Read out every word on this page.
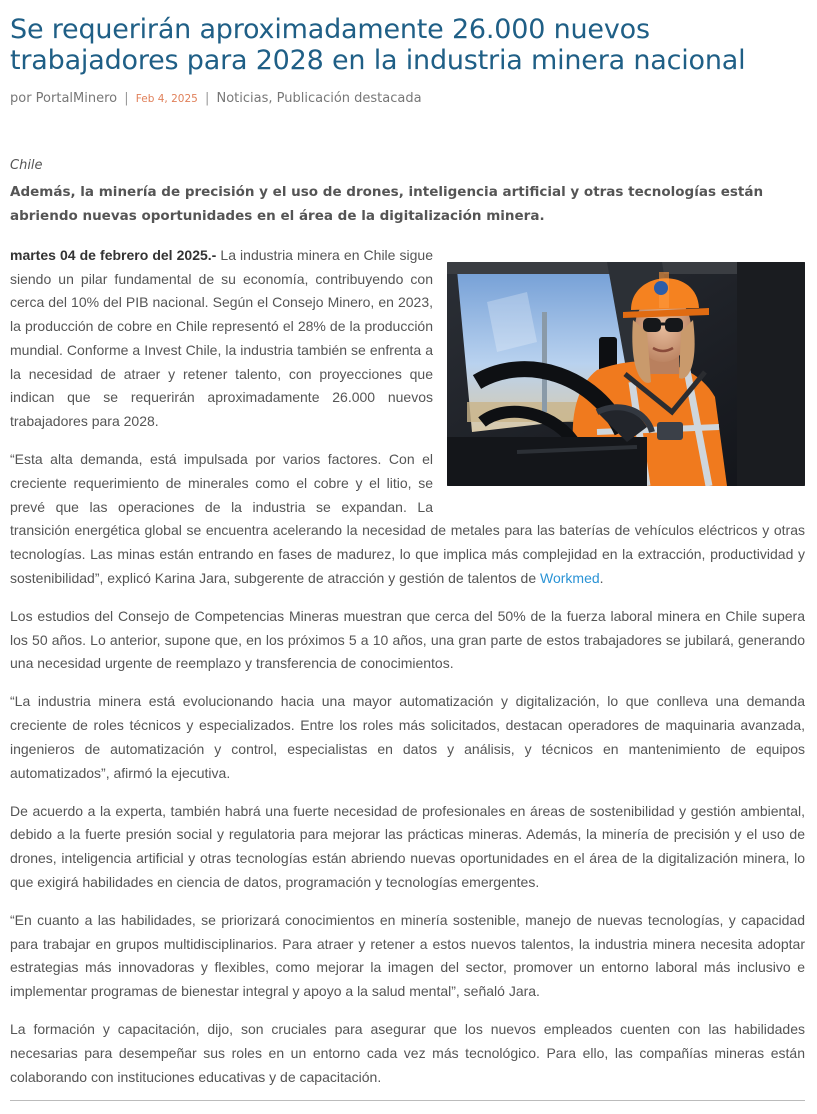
Se requerirán aproximadamente 26.000 nuevos trabajadores para 2028 en la industria minera nacional
por PortalMinero | Feb 4, 2025 | Noticias, Publicación destacada
Chile
Además, la minería de precisión y el uso de drones, inteligencia artificial y otras tecnologías están abriendo nuevas oportunidades en el área de la digitalización minera.

martes 04 de febrero del 2025.- La industria minera en Chile sigue siendo un pilar fundamental de su economía, contribuyendo con cerca del 10% del PIB nacional. Según el Consejo Minero, en 2023, la producción de cobre en Chile representó el 28% de la producción mundial. Conforme a Invest Chile, la industria también se enfrenta a la necesidad de atraer y retener talento, con proyecciones que indican que se requerirán aproximadamente 26.000 nuevos trabajadores para 2028.

“Esta alta demanda, está impulsada por varios factores. Con el creciente requerimiento de minerales como el cobre y el litio, se prevé que las operaciones de la industria se expandan. La transición energética global se encuentra acelerando la necesidad de metales para las baterías de vehículos eléctricos y otras tecnologías. Las minas están entrando en fases de madurez, lo que implica más complejidad en la extracción, productividad y sostenibilidad”, explicó Karina Jara, subgerente de atracción y gestión de talentos de Workmed.

Los estudios del Consejo de Competencias Mineras muestran que cerca del 50% de la fuerza laboral minera en Chile supera los 50 años. Lo anterior, supone que, en los próximos 5 a 10 años, una gran parte de estos trabajadores se jubilará, generando una necesidad urgente de reemplazo y transferencia de conocimientos.

“La industria minera está evolucionando hacia una mayor automatización y digitalización, lo que conlleva una demanda creciente de roles técnicos y especializados. Entre los roles más solicitados, destacan operadores de maquinaria avanzada, ingenieros de automatización y control, especialistas en datos y análisis, y técnicos en mantenimiento de equipos automatizados”, afirmó la ejecutiva.

De acuerdo a la experta, también habrá una fuerte necesidad de profesionales en áreas de sostenibilidad y gestión ambiental, debido a la fuerte presión social y regulatoria para mejorar las prácticas mineras. Además, la minería de precisión y el uso de drones, inteligencia artificial y otras tecnologías están abriendo nuevas oportunidades en el área de la digitalización minera, lo que exigirá habilidades en ciencia de datos, programación y tecnologías emergentes.

“En cuanto a las habilidades, se priorizará conocimientos en minería sostenible, manejo de nuevas tecnologías, y capacidad para trabajar en grupos multidisciplinarios. Para atraer y retener a estos nuevos talentos, la industria minera necesita adoptar estrategias más innovadoras y flexibles, como mejorar la imagen del sector, promover un entorno laboral más inclusivo e implementar programas de bienestar integral y apoyo a la salud mental”, señaló Jara.

La formación y capacitación, dijo, son cruciales para asegurar que los nuevos empleados cuenten con las habilidades necesarias para desempeñar sus roles en un entorno cada vez más tecnológico. Para ello, las compañías mineras están colaborando con instituciones educativas y de capacitación.
